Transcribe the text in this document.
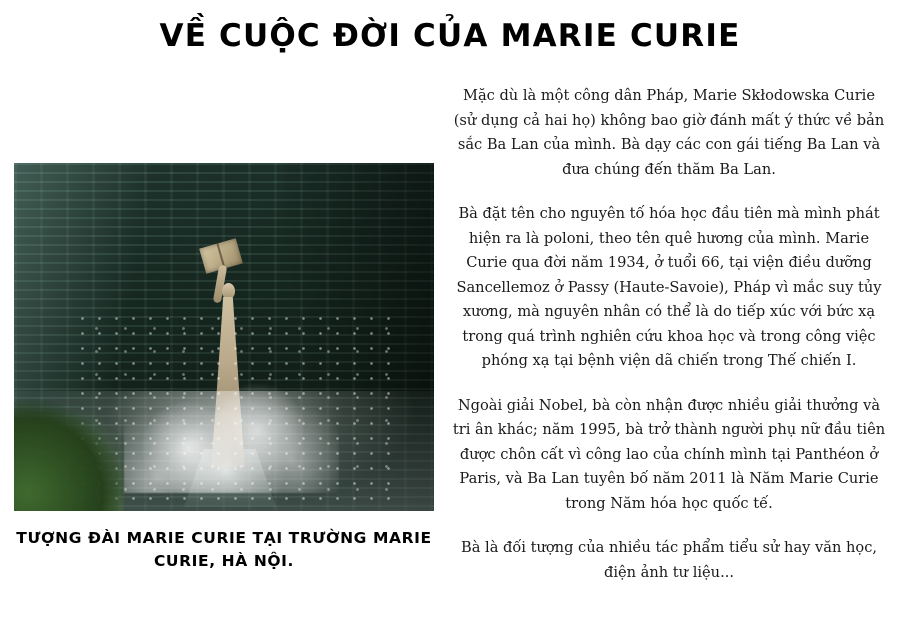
VỀ CUỘC ĐỜI CỦA MARIE CURIE
TƯỢNG ĐÀI MARIE CURIE TẠI TRƯỜNG MARIE CURIE, HÀ NỘI.

Mặc dù là một công dân Pháp, Marie Skłodowska Curie (sử dụng cả hai họ) không bao giờ đánh mất ý thức về bản sắc Ba Lan của mình. Bà dạy các con gái tiếng Ba Lan và đưa chúng đến thăm Ba Lan.

Bà đặt tên cho nguyên tố hóa học đầu tiên mà mình phát hiện ra là poloni, theo tên quê hương của mình. Marie Curie qua đời năm 1934, ở tuổi 66, tại viện điều dưỡng Sancellemoz ở Passy (Haute-Savoie), Pháp vì mắc suy tủy xương, mà nguyên nhân có thể là do tiếp xúc với bức xạ trong quá trình nghiên cứu khoa học và trong công việc phóng xạ tại bệnh viện dã chiến trong Thế chiến I.

Ngoài giải Nobel, bà còn nhận được nhiều giải thưởng và tri ân khác; năm 1995, bà trở thành người phụ nữ đầu tiên được chôn cất vì công lao của chính mình tại Panthéon ở Paris, và Ba Lan tuyên bố năm 2011 là Năm Marie Curie trong Năm hóa học quốc tế.

Bà là đối tượng của nhiều tác phẩm tiểu sử hay văn học, điện ảnh tư liệu...
